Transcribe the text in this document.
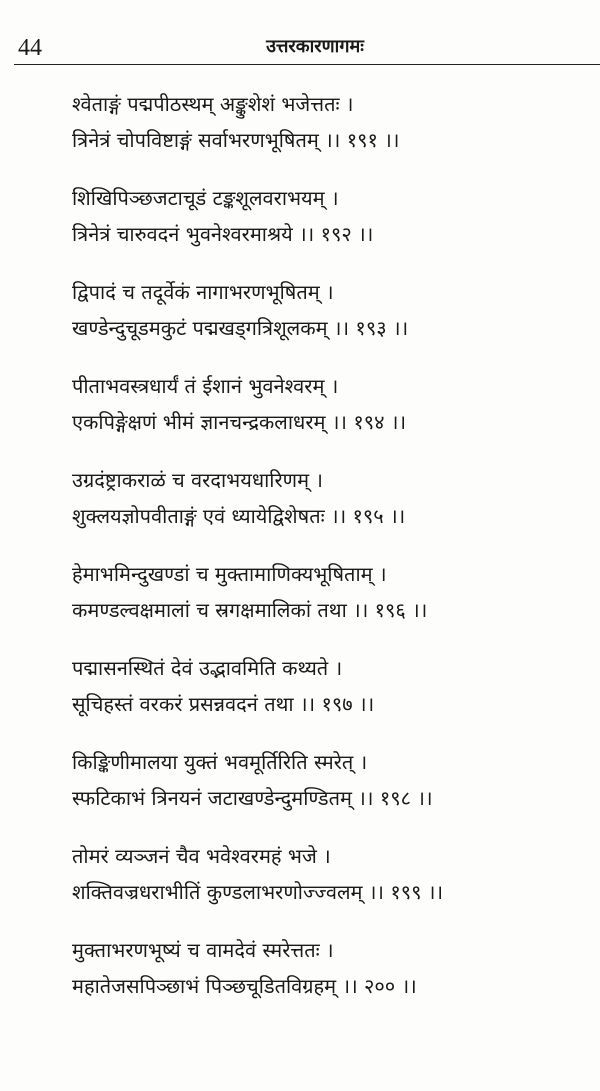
44	उत्तरकारणागमः
श्वेताङ्गं पद्मपीठस्थम् अङ्कुशेशं भजेत्ततः ।
त्रिनेत्रं चोपविष्टाङ्गं सर्वाभरणभूषितम् ।। १९१ ।।
शिखिपिञ्छजटाचूडं टङ्कशूलवराभयम् ।
त्रिनेत्रं चारुवदनं भुवनेश्वरमाश्रये ।। १९२ ।।
द्विपादं च तदूर्वेकं नागाभरणभूषितम् ।
खण्डेन्दुचूडमकुटं पद्मखड्गत्रिशूलकम् ।। १९३ ।।
पीताभवस्त्रधार्यं तं ईशानं भुवनेश्वरम् ।
एकपिङ्गेक्षणं भीमं ज्ञानचन्द्रकलाधरम् ।। १९४ ।।
उग्रदंष्ट्राकराळं च वरदाभयधारिणम् ।
शुक्लयज्ञोपवीताङ्गं एवं ध्यायेद्विशेषतः ।। १९५ ।।
हेमाभमिन्दुखण्डां च मुक्तामाणिक्यभूषिताम् ।
कमण्डल्वक्षमालां च स्रगक्षमालिकां तथा ।। १९६ ।।
पद्मासनस्थितं देवं उद्भावमिति कथ्यते ।
सूचिहस्तं वरकरं प्रसन्नवदनं तथा ।। १९७ ।।
किङ्किणीमालया युक्तं भवमूर्तिरिति स्मरेत् ।
स्फटिकाभं त्रिनयनं जटाखण्डेन्दुमण्डितम् ।। १९८ ।।
तोमरं व्यञ्जनं चैव भवेश्वरमहं भजे ।
शक्तिवज्रधराभीतिं कुण्डलाभरणोज्ज्वलम् ।। १९९ ।।
मुक्ताभरणभूष्यं च वामदेवं स्मरेत्ततः ।
महातेजसपिञ्छाभं पिञ्छचूडितविग्रहम् ।। २०० ।।
